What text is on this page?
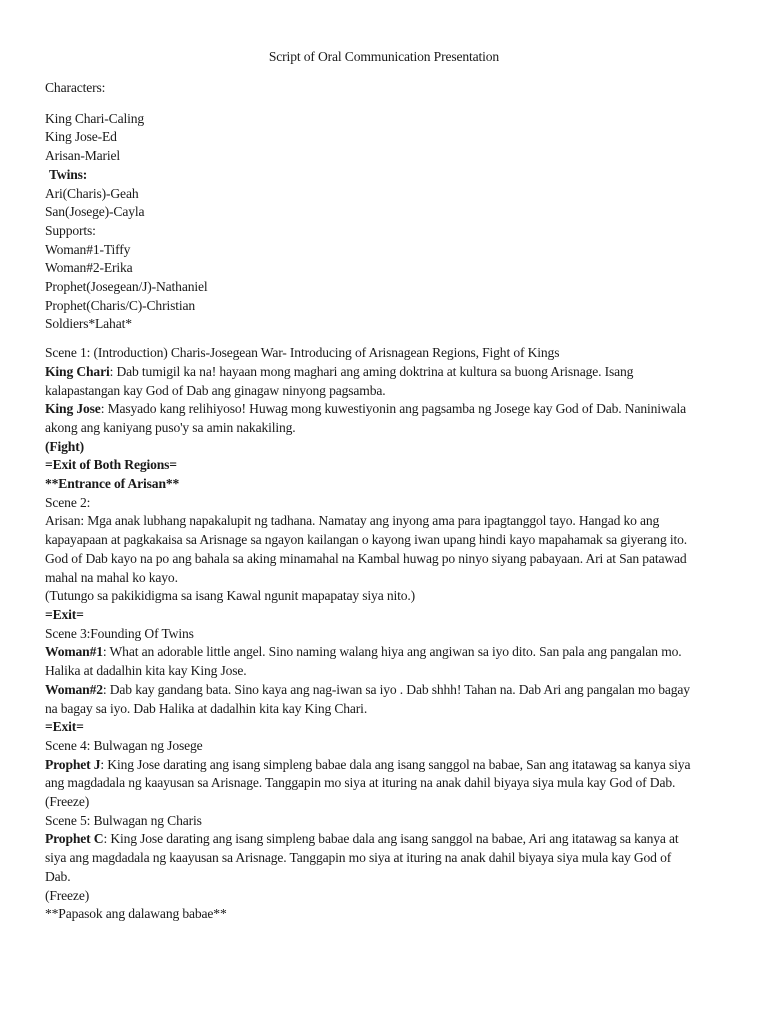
Script of Oral Communication Presentation
Characters:
King Chari-Caling
King Jose-Ed
Arisan-Mariel
Twins:
Ari(Charis)-Geah
San(Josege)-Cayla
Supports:
Woman#1-Tiffy
Woman#2-Erika
Prophet(Josegean/J)-Nathaniel
Prophet(Charis/C)-Christian
Soldiers*Lahat*
Scene 1: (Introduction) Charis-Josegean War- Introducing of Arisnagean Regions, Fight of Kings
King Chari: Dab tumigil ka na! hayaan mong maghari ang aming doktrina at kultura sa buong Arisnage. Isang
kalapastangan kay God of Dab ang ginagaw ninyong pagsamba.
King Jose: Masyado kang relihiyoso! Huwag mong kuwestiyonin ang pagsamba ng Josege kay God of Dab. Naniniwala
akong ang kaniyang puso'y sa amin nakakiling.
(Fight)
=Exit of Both Regions=
**Entrance of Arisan**
Scene 2:
Arisan: Mga anak lubhang napakalupit ng tadhana. Namatay ang inyong ama para ipagtanggol tayo. Hangad ko ang
kapayapaan at pagkakaisa sa Arisnage sa ngayon kailangan o kayong iwan upang hindi kayo mapahamak sa giyerang ito.
God of Dab kayo na po ang bahala sa aking minamahal na Kambal huwag po ninyo siyang pabayaan. Ari at San patawad
mahal na mahal ko kayo.
(Tutungo sa pakikidigma sa isang Kawal ngunit mapapatay siya nito.)
=Exit=
Scene 3:Founding Of Twins
Woman#1: What an adorable little angel. Sino naming walang hiya ang angiwan sa iyo dito. San pala ang pangalan mo.
Halika at dadalhin kita kay King Jose.
Woman#2: Dab kay gandang bata. Sino kaya ang nag-iwan sa iyo . Dab shhh! Tahan na. Dab Ari ang pangalan mo bagay
na bagay sa iyo. Dab Halika at dadalhin kita kay King Chari.
=Exit=
Scene 4: Bulwagan ng Josege
Prophet J: King Jose darating ang isang simpleng babae dala ang isang sanggol na babae, San ang itatawag sa kanya siya
ang magdadala ng kaayusan sa Arisnage. Tanggapin mo siya at ituring na anak dahil biyaya siya mula kay God of Dab.
(Freeze)
Scene 5: Bulwagan ng Charis
Prophet C: King Jose darating ang isang simpleng babae dala ang isang sanggol na babae, Ari ang itatawag sa kanya at
siya ang magdadala ng kaayusan sa Arisnage. Tanggapin mo siya at ituring na anak dahil biyaya siya mula kay God of
Dab.
(Freeze)
**Papasok ang dalawang babae**
